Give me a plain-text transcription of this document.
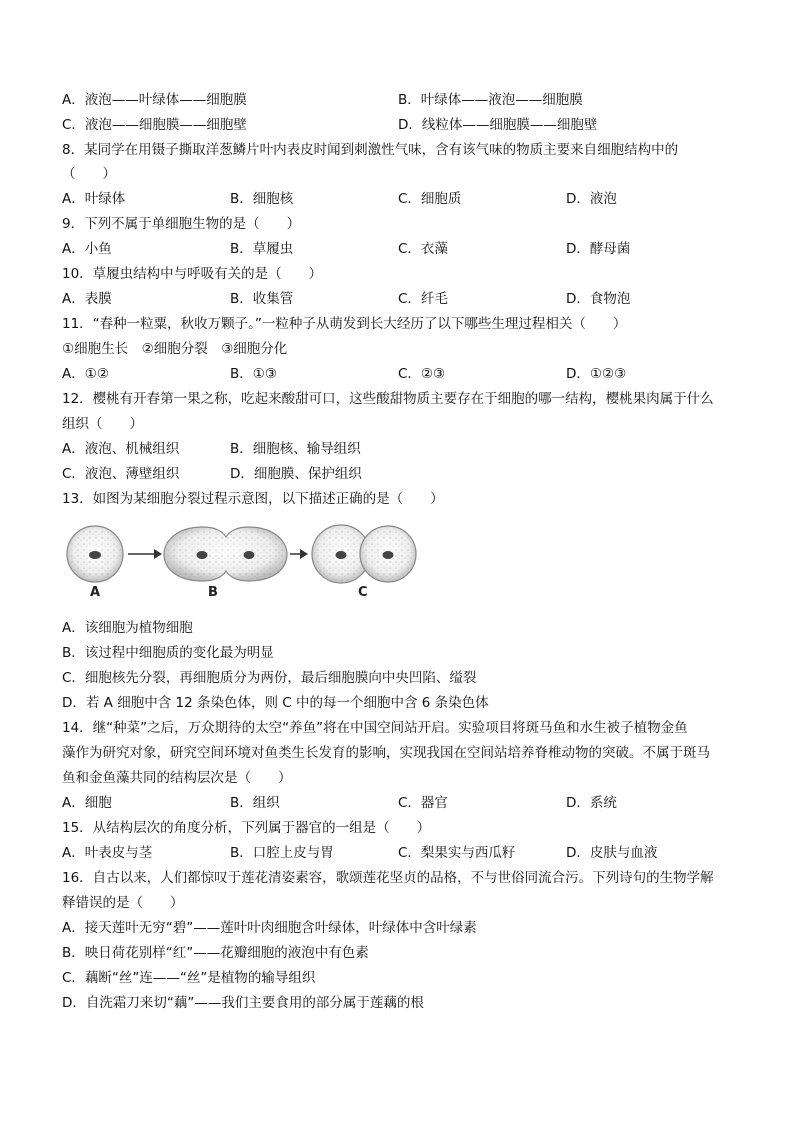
A．液泡——叶绿体——细胞膜	B．叶绿体——液泡——细胞膜
C．液泡——细胞膜——细胞壁	D．线粒体——细胞膜——细胞壁
8．某同学在用镊子撕取洋葱鳞片叶内表皮时闻到刺激性气味，含有该气味的物质主要来自细胞结构中的
（　　）
A．叶绿体	B．细胞核	C．细胞质	D．液泡
9．下列不属于单细胞生物的是（　　）
A．小鱼	B．草履虫	C．衣藻	D．酵母菌
10．草履虫结构中与呼吸有关的是（　　）
A．表膜	B．收集管	C．纤毛	D．食物泡
11．“春种一粒粟，秋收万颗子。”一粒种子从萌发到长大经历了以下哪些生理过程相关（　　）
①细胞生长　②细胞分裂　③细胞分化
A．①②	B．①③	C．②③	D．①②③
12．樱桃有开春第一果之称，吃起来酸甜可口，这些酸甜物质主要存在于细胞的哪一结构，樱桃果肉属于什么
组织（　　）
A．液泡、机械组织	B．细胞核、输导组织
C．液泡、薄壁组织	D．细胞膜、保护组织
13．如图为某细胞分裂过程示意图，以下描述正确的是（　　）
A	B	C
A．该细胞为植物细胞
B．该过程中细胞质的变化最为明显
C．细胞核先分裂，再细胞质分为两份，最后细胞膜向中央凹陷、缢裂
D．若 A 细胞中含 12 条染色体，则 C 中的每一个细胞中含 6 条染色体
14．继“种菜”之后，万众期待的太空“养鱼”将在中国空间站开启。实验项目将斑马鱼和水生被子植物金鱼
藻作为研究对象，研究空间环境对鱼类生长发育的影响，实现我国在空间站培养脊椎动物的突破。不属于斑马
鱼和金鱼藻共同的结构层次是（　　）
A．细胞	B．组织	C．器官	D．系统
15．从结构层次的角度分析，下列属于器官的一组是（　　）
A．叶表皮与茎	B．口腔上皮与胃	C．梨果实与西瓜籽	D．皮肤与血液
16．自古以来，人们都惊叹于莲花清姿素容，歌颂莲花坚贞的品格，不与世俗同流合污。下列诗句的生物学解
释错误的是（　　）
A．接天莲叶无穷“碧”——莲叶叶肉细胞含叶绿体，叶绿体中含叶绿素
B．映日荷花别样“红”——花瓣细胞的液泡中有色素
C．藕断“丝”连——“丝”是植物的输导组织
D．自洗霜刀来切“藕”——我们主要食用的部分属于莲藕的根
